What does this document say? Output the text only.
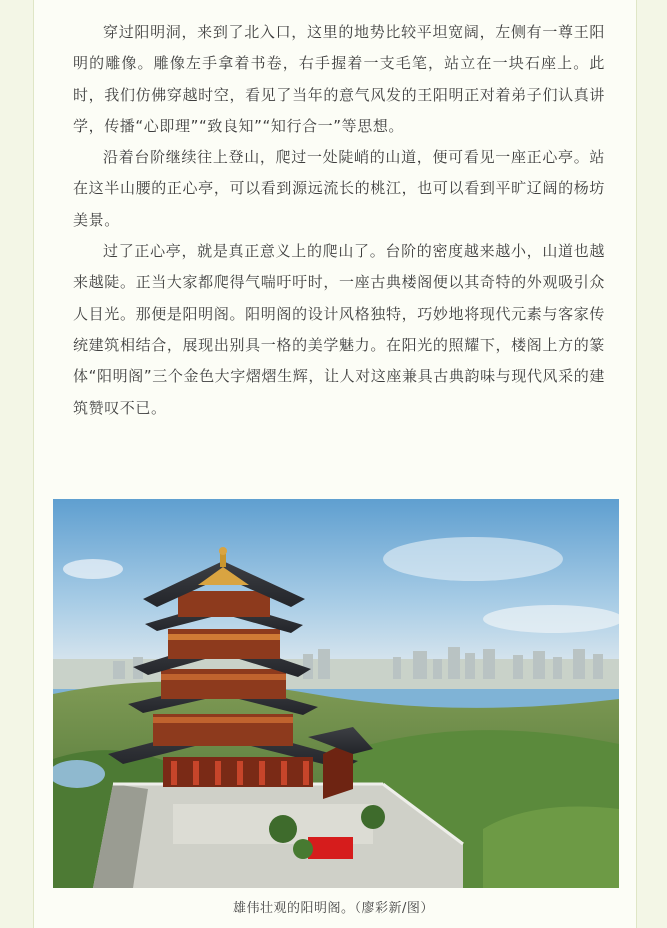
穿过阳明洞，来到了北入口，这里的地势比较平坦宽阔，左侧有一尊王阳明的雕像。雕像左手拿着书卷，右手握着一支毛笔，站立在一块石座上。此时，我们仿佛穿越时空，看见了当年的意气风发的王阳明正对着弟子们认真讲学，传播“心即理”“致良知”“知行合一”等思想。

沿着台阶继续往上登山，爬过一处陡峭的山道，便可看见一座正心亭。站在这半山腰的正心亭，可以看到源远流长的桃江，也可以看到平旷辽阔的杨坊美景。

过了正心亭，就是真正意义上的爬山了。台阶的密度越来越小，山道也越来越陡。正当大家都爬得气喘吁吁时，一座古典楼阁便以其奇特的外观吸引众人目光。那便是阳明阁。阳明阁的设计风格独特，巧妙地将现代元素与客家传统建筑相结合，展现出别具一格的美学魅力。在阳光的照耀下，楼阁上方的篆体“阳明阁”三个金色大字熠熠生辉，让人对这座兼具古典韵味与现代风采的建筑赞叹不已。

雄伟壮观的阳明阁。（廖彩新/图）
